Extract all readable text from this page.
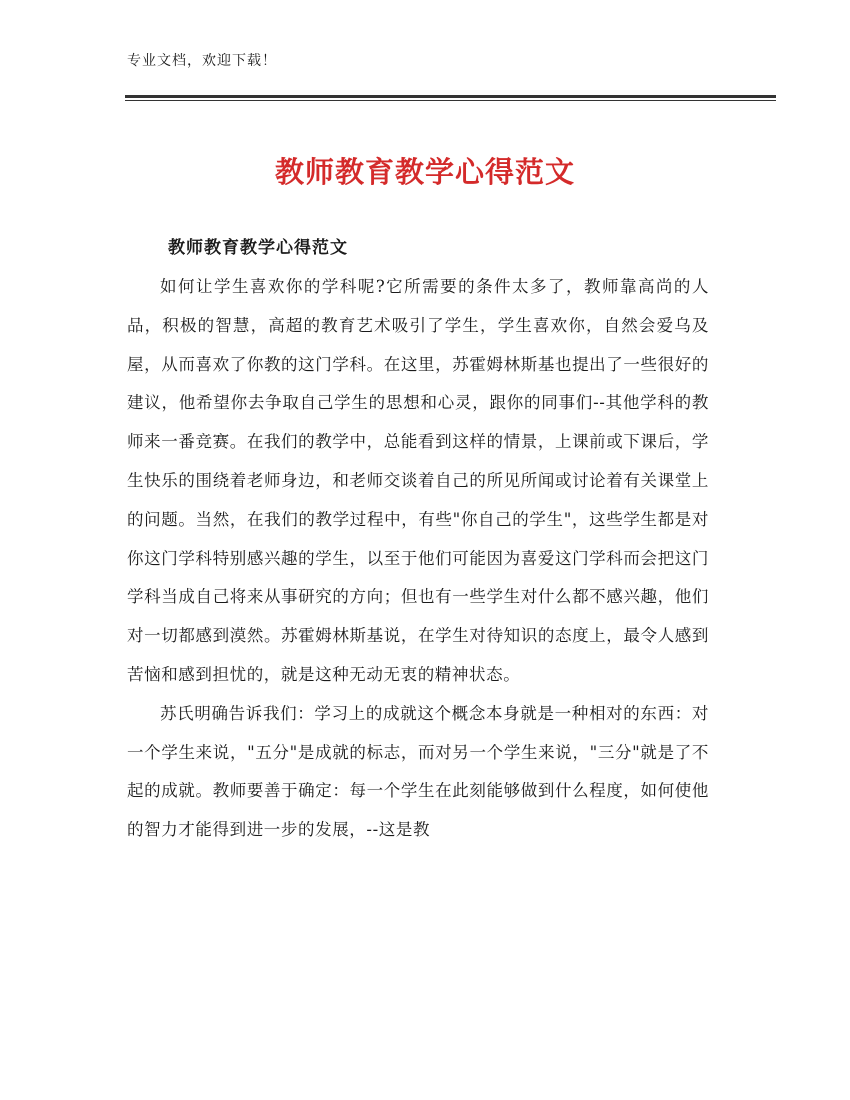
专业文档，欢迎下载！
教师教育教学心得范文
教师教育教学心得范文

如何让学生喜欢你的学科呢?它所需要的条件太多了，教师靠高尚的人品，积极的智慧，高超的教育艺术吸引了学生，学生喜欢你，自然会爱乌及屋，从而喜欢了你教的这门学科。在这里，苏霍姆林斯基也提出了一些很好的建议，他希望你去争取自己学生的思想和心灵，跟你的同事们--其他学科的教师来一番竞赛。在我们的教学中，总能看到这样的情景，上课前或下课后，学生快乐的围绕着老师身边，和老师交谈着自己的所见所闻或讨论着有关课堂上的问题。当然，在我们的教学过程中，有些"你自己的学生"，这些学生都是对你这门学科特别感兴趣的学生，以至于他们可能因为喜爱这门学科而会把这门学科当成自己将来从事研究的方向；但也有一些学生对什么都不感兴趣，他们对一切都感到漠然。苏霍姆林斯基说，在学生对待知识的态度上，最令人感到苦恼和感到担忧的，就是这种无动无衷的精神状态。

苏氏明确告诉我们：学习上的成就这个概念本身就是一种相对的东西：对一个学生来说，"五分"是成就的标志，而对另一个学生来说，"三分"就是了不起的成就。教师要善于确定：每一个学生在此刻能够做到什么程度，如何使他的智力才能得到进一步的发展，--这是教
